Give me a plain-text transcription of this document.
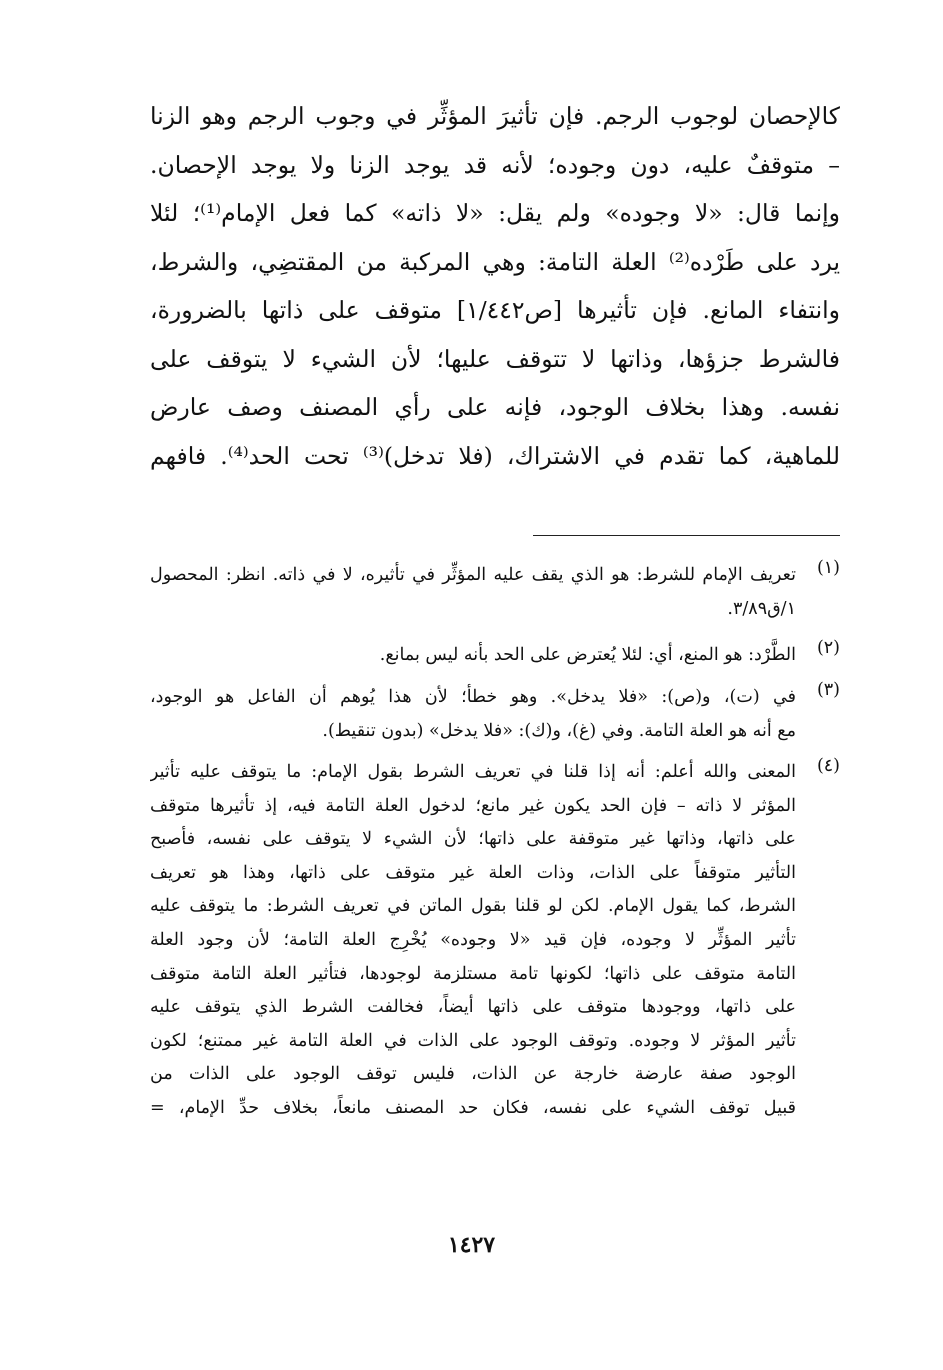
كالإحصان لوجوب الرجم. فإن تأثيرَ المؤثِّر في وجوب الرجم وهو الزنا
– متوقفٌ عليه، دون وجوده؛ لأنه قد يوجد الزنا ولا يوجد الإحصان.
وإنما قال: «لا وجوده» ولم يقل: «لا ذاته» كما فعل الإمام⁽¹⁾؛ لئلا
يرد على طَرْده⁽²⁾ العلة التامة: وهي المركبة من المقتضِي، والشرط،
وانتفاء المانع. فإن تأثيرها [ص١/٤٤٢] متوقف على ذاتها بالضرورة،
فالشرط جزؤها، وذاتها لا تتوقف عليها؛ لأن الشيء لا يتوقف على
نفسه. وهذا بخلاف الوجود، فإنه على رأي المصنف وصف عارض
للماهية، كما تقدم في الاشتراك، (فلا تدخل)⁽³⁾ تحت الحد⁽⁴⁾. فافهم
(١)
تعريف الإمام للشرط: هو الذي يقف عليه المؤثِّر في تأثيره، لا في ذاته. انظر: المحصول
١/ق٣/٨٩.
(٢)
الطَّرْد: هو المنع، أي: لئلا يُعترض على الحد بأنه ليس بمانع.
(٣)
في (ت)، و(ص): «فلا يدخل». وهو خطأ؛ لأن هذا يُوهم أن الفاعل هو الوجود،
مع أنه هو العلة التامة. وفي (غ)، و(ك): «فلا يدخل» (بدون تنقيط).
(٤)
المعنى والله أعلم: أنه إذا قلنا في تعريف الشرط بقول الإمام: ما يتوقف عليه تأثير
المؤثر لا ذاته – فإن الحد يكون غير مانع؛ لدخول العلة التامة فيه، إذ تأثيرها متوقف
على ذاتها، وذاتها غير متوقفة على ذاتها؛ لأن الشيء لا يتوقف على نفسه، فأصبح
التأثير متوقفاً على الذات، وذات العلة غير متوقف على ذاتها، وهذا هو تعريف
الشرط، كما يقول الإمام. لكن لو قلنا بقول الماتن في تعريف الشرط: ما يتوقف عليه
تأثير المؤثِّر لا وجوده، فإن قيد «لا وجوده» يُخْرِج العلة التامة؛ لأن وجود العلة
التامة متوقف على ذاتها؛ لكونها تامة مستلزمة لوجودها، فتأثير العلة التامة متوقف
على ذاتها، ووجودها متوقف على ذاتها أيضاً، فخالفت الشرط الذي يتوقف عليه
تأثير المؤثر لا وجوده. وتوقف الوجود على الذات في العلة التامة غير ممتنع؛ لكون
الوجود صفة عارضة خارجة عن الذات، فليس توقف الوجود على الذات من
قبيل توقف الشيء على نفسه، فكان حد المصنف مانعاً، بخلاف حدِّ الإمام، =
١٤٢٧
